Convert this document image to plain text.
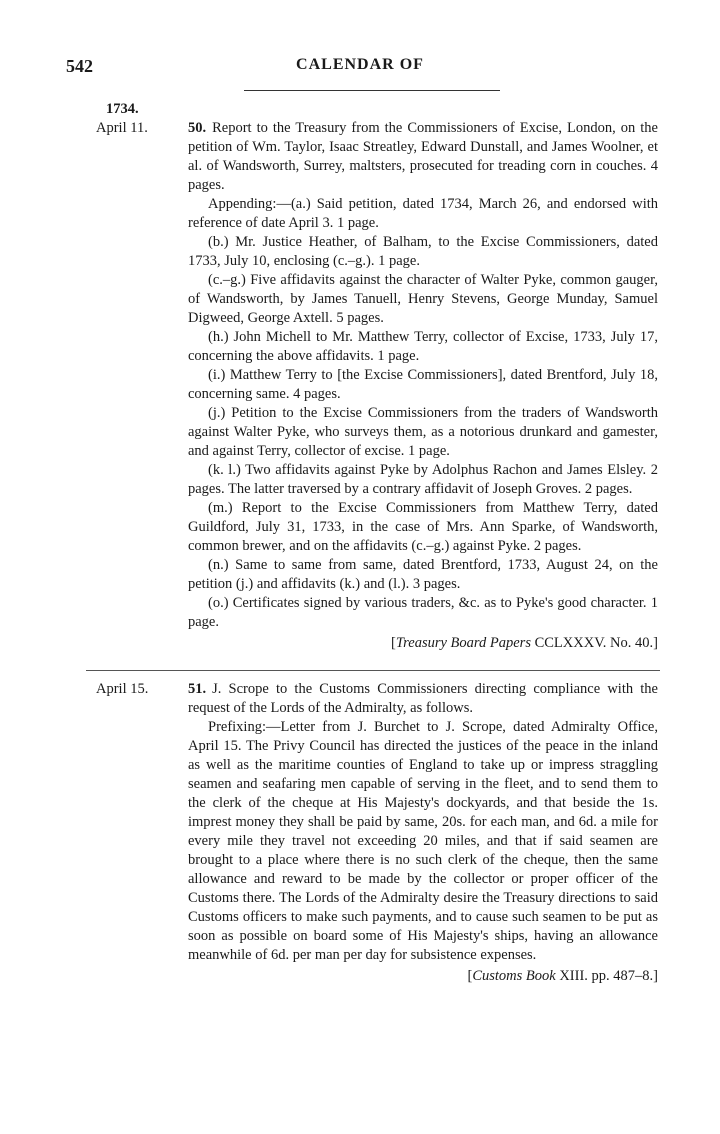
542	CALENDAR OF
1734.
April 11.	50. Report to the Treasury from the Commissioners of Excise, London, on the petition of Wm. Taylor, Isaac Streatley, Edward Dunstall, and James Woolner, et al. of Wandsworth, Surrey, maltsters, prosecuted for treading corn in couches. 4 pages.

Appending:—(a.) Said petition, dated 1734, March 26, and endorsed with reference of date April 3. 1 page.

(b.) Mr. Justice Heather, of Balham, to the Excise Commissioners, dated 1733, July 10, enclosing (c.–g.). 1 page.

(c.–g.) Five affidavits against the character of Walter Pyke, common gauger, of Wandsworth, by James Tanuell, Henry Stevens, George Munday, Samuel Digweed, George Axtell. 5 pages.

(h.) John Michell to Mr. Matthew Terry, collector of Excise, 1733, July 17, concerning the above affidavits. 1 page.

(i.) Matthew Terry to [the Excise Commissioners], dated Brentford, July 18, concerning same. 4 pages.

(j.) Petition to the Excise Commissioners from the traders of Wandsworth against Walter Pyke, who surveys them, as a notorious drunkard and gamester, and against Terry, collector of excise. 1 page.

(k. l.) Two affidavits against Pyke by Adolphus Rachon and James Elsley. 2 pages. The latter traversed by a contrary affidavit of Joseph Groves. 2 pages.

(m.) Report to the Excise Commissioners from Matthew Terry, dated Guildford, July 31, 1733, in the case of Mrs. Ann Sparke, of Wandsworth, common brewer, and on the affidavits (c.–g.) against Pyke. 2 pages.

(n.) Same to same from same, dated Brentford, 1733, August 24, on the petition (j.) and affidavits (k.) and (l.). 3 pages.

(o.) Certificates signed by various traders, &c. as to Pyke's good character. 1 page.

[Treasury Board Papers CCLXXXV. No. 40.]
April 15.	51. J. Scrope to the Customs Commissioners directing compliance with the request of the Lords of the Admiralty, as follows.

Prefixing:—Letter from J. Burchet to J. Scrope, dated Admiralty Office, April 15. The Privy Council has directed the justices of the peace in the inland as well as the maritime counties of England to take up or impress straggling seamen and seafaring men capable of serving in the fleet, and to send them to the clerk of the cheque at His Majesty's dockyards, and that beside the 1s. imprest money they shall be paid by same, 20s. for each man, and 6d. a mile for every mile they travel not exceeding 20 miles, and that if said seamen are brought to a place where there is no such clerk of the cheque, then the same allowance and reward to be made by the collector or proper officer of the Customs there. The Lords of the Admiralty desire the Treasury directions to said Customs officers to make such payments, and to cause such seamen to be put as soon as possible on board some of His Majesty's ships, having an allowance meanwhile of 6d. per man per day for subsistence expenses.

[Customs Book XIII. pp. 487–8.]
